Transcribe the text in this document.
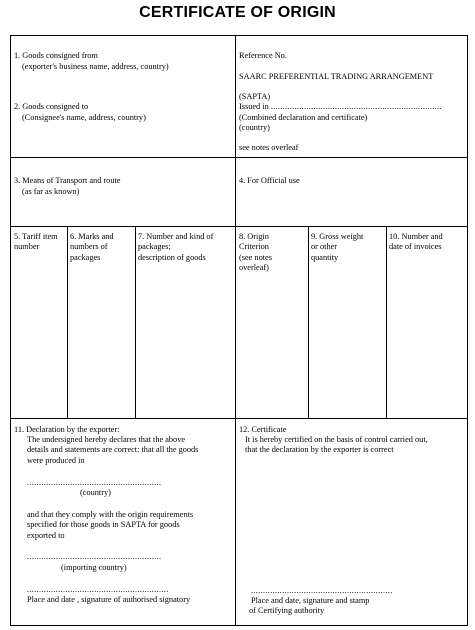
CERTIFICATE OF ORIGIN

1. Goods consigned from

(exporter's business name, address, country)

2. Goods consigned to

(Consignee's name, address, country)

Reference No.

SAARC PREFERENTIAL TRADING ARRANGEMENT

(SAPTA)

(Combined declaration and certificate)

Issued in ........................................................................

(country)

see notes overleaf

3. Means of Transport and route

(as far as known)

4. For Official use

5. Tariff item
number
6. Marks and
numbers of
packages
7. Number and kind of
packages;
description of goods
8. Origin
Criterion
(see notes
overleaf)
9. Gross weight
or other
quantity
10. Number and
date of invoices
11. Declaration by the exporter:
The undersigned hereby declares that the above
details and statements are correct: that all the goods
were produced in
........................................................
(country)
and that they comply with the origin requirements
specified for those goods in SAPTA for goods
exported to
........................................................
(importing country)
...........................................................
Place and date , signature of authorised signatory
12. Certificate
It is hereby certified on the basis of control carried out,
that the declaration by the exporter is correct
...........................................................
Place and date, signature and stamp
of Certifying authority
